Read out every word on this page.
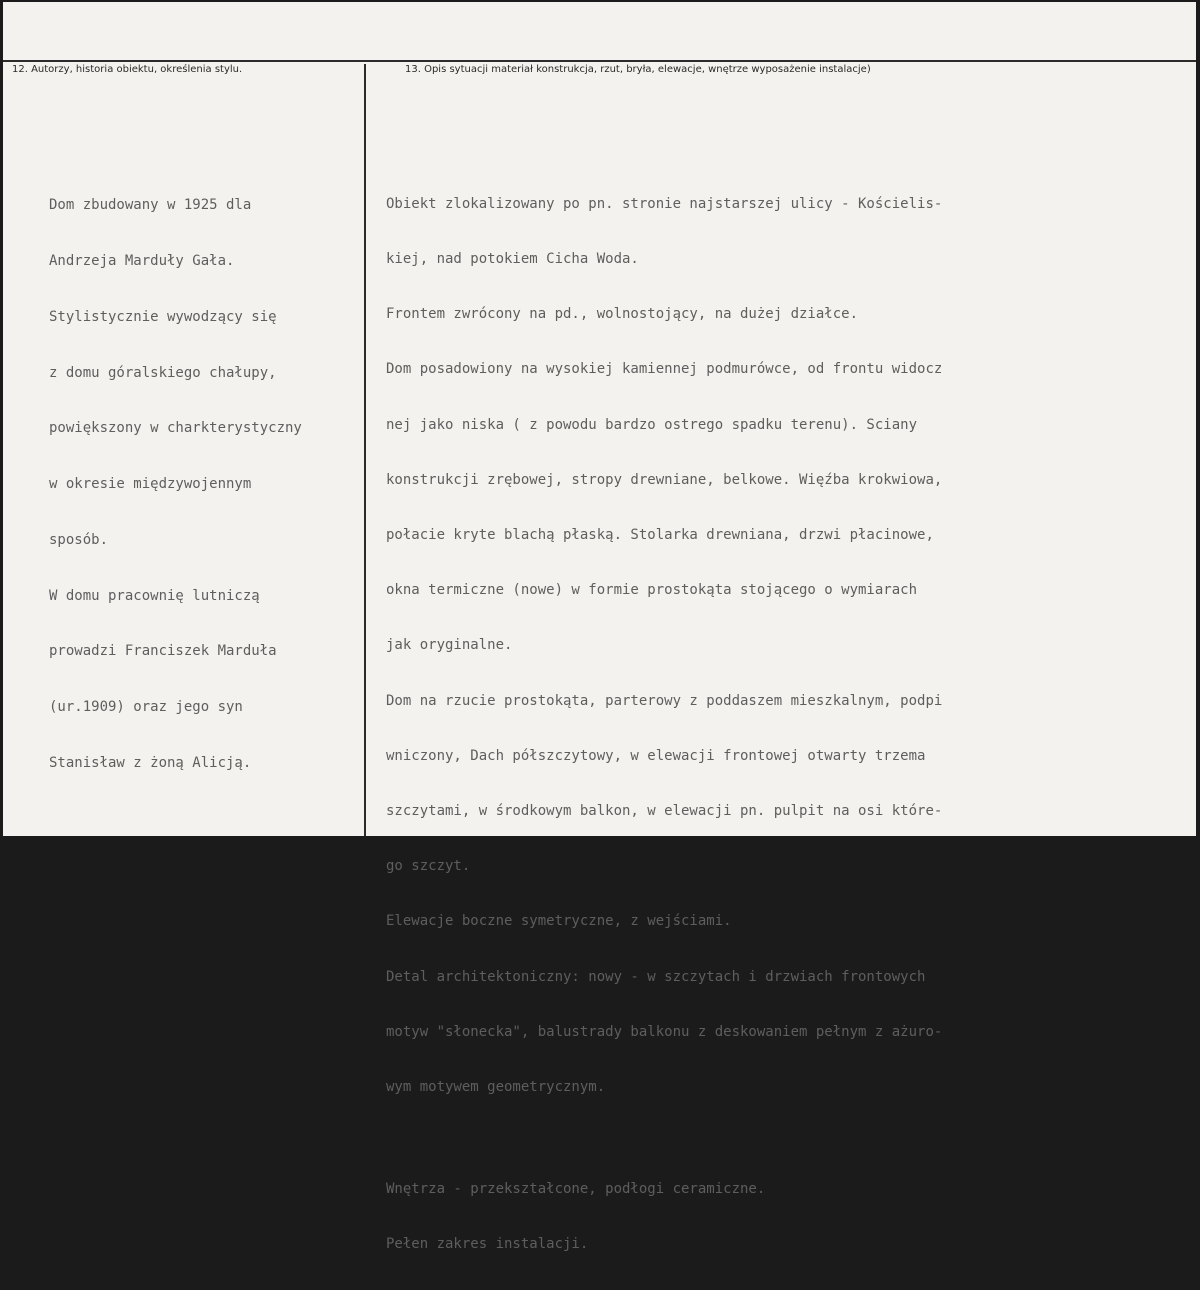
12. Autorzy, historia obiektu, określenia stylu.	13. Opis sytuacji materiał konstrukcja, rzut, bryła, elewacje, wnętrze wyposażenie instalacje)

Dom zbudowany w 1925 dla

Andrzeja Marduły Gała.

Stylistycznie wywodzący się

z domu góralskiego chałupy,

powiększony w charkterystyczny

w okresie międzywojennym

sposób.

W domu pracownię lutniczą

prowadzi Franciszek Marduła

(ur.1909) oraz jego syn

Stanisław z żoną Alicją.

Obiekt zlokalizowany po pn. stronie najstarszej ulicy - Kościelis-

kiej, nad potokiem Cicha Woda.

Frontem zwrócony na pd., wolnostojący, na dużej działce.

Dom posadowiony na wysokiej kamiennej podmurówce, od frontu widocz

nej jako niska ( z powodu bardzo ostrego spadku terenu). Sciany

konstrukcji zrębowej, stropy drewniane, belkowe. Więźba krokwiowa,

połacie kryte blachą płaską. Stolarka drewniana, drzwi płacinowe,

okna termiczne (nowe) w formie prostokąta stojącego o wymiarach

jak oryginalne.

Dom na rzucie prostokąta, parterowy z poddaszem mieszkalnym, podpi

wniczony, Dach półszczytowy, w elewacji frontowej otwarty trzema

szczytami, w środkowym balkon, w elewacji pn. pulpit na osi które-

go szczyt.

Elewacje boczne symetryczne, z wejściami.

Detal architektoniczny: nowy - w szczytach i drzwiach frontowych

motyw "słonecka", balustrady balkonu z deskowaniem pełnym z ażuro-

wym motywem geometrycznym.

Wnętrza - przekształcone, podłogi ceramiczne.

Pełen zakres instalacji.
